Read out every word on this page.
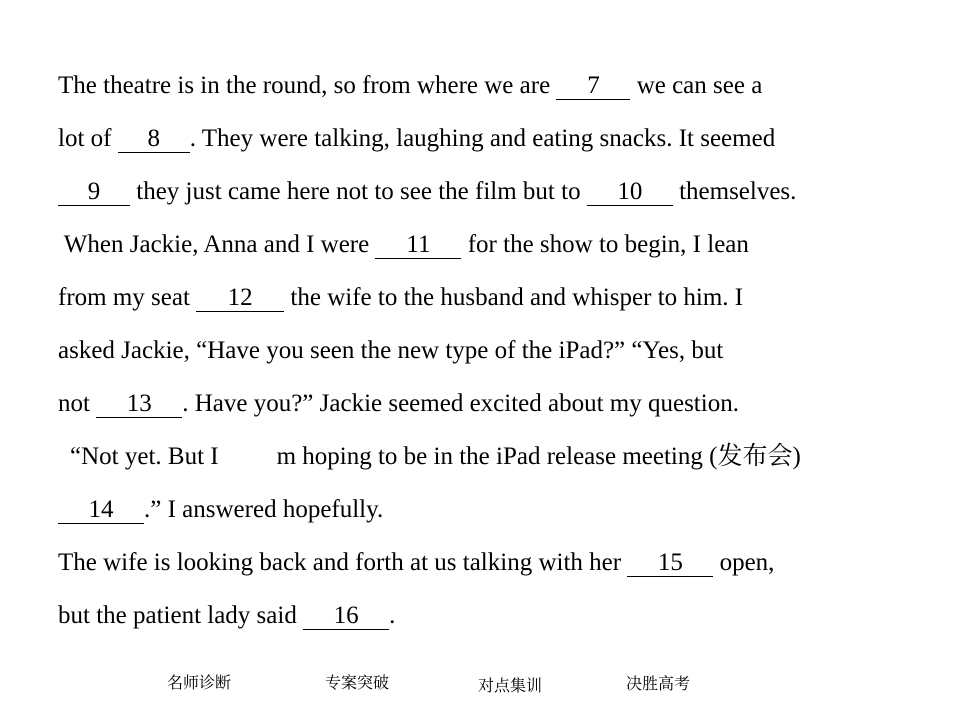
The theatre is in the round, so from where we are 7 we can see a
lot of 8 . They were talking, laughing and eating snacks. It seemed
9 they just came here not to see the film but to 10 themselves.
When Jackie, Anna and I were 11 for the show to begin, I lean
from my seat 12 the wife to the husband and whisper to him. I
asked Jackie, “Have you seen the new type of the iPad?” “Yes, but
not 13 . Have you?” Jackie seemed excited about my question.
“Not yet. But I m hoping to be in the iPad release meeting (发布会)
14 .” I answered hopefully.
The wife is looking back and forth at us talking with her 15 open,
but the patient lady said 16 .
名师诊断	专案突破	对点集训	决胜高考
